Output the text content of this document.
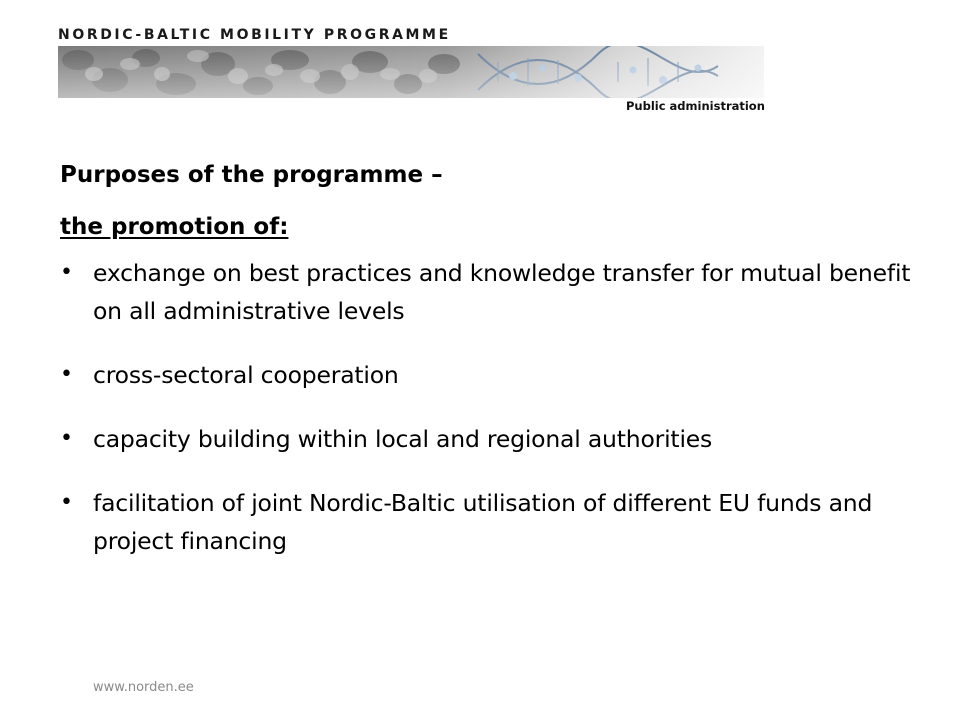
NORDIC-BALTIC MOBILITY PROGRAMME
Public administration

Purposes of the programme –

the promotion of:

• exchange on best practices and knowledge transfer for mutual benefit on all administrative levels
• cross-sectoral cooperation
• capacity building within local and regional authorities
• facilitation of joint Nordic-Baltic utilisation of different EU funds and project financing
www.norden.ee
